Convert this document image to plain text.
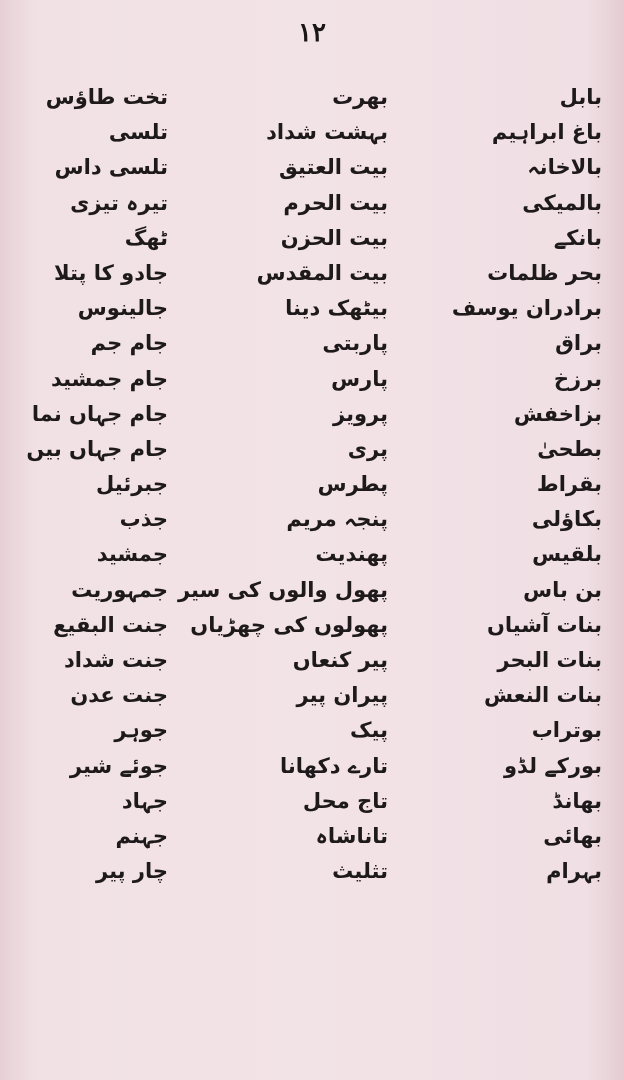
۱۲
بابل
باغ ابراہیم
بالاخانہ
بالمیکی
بانکے
بحر ظلمات
برادران یوسف
براق
برزخ
بزاخفش
بطحیٰ
بقراط
بکاؤلی
بلقیس
بن باس
بنات آشیاں
بنات البحر
بنات النعش
بوتراب
بورکے لڈو
بھانڈ
بھائی
بہرام
بھرت
بہشت شداد
بیت العتیق
بیت الحرم
بیت الحزن
بیت المقدس
بیٹھک دینا
پاربتی
پارس
پرویز
پری
پطرس
پنجہ مریم
پھندیت
پھول والوں کی سیر
پھولوں کی چھڑیاں
پیر کنعاں
پیران پیر
پیک
تارے دکھانا
تاج محل
تاناشاہ
تثلیث
تخت طاؤس
تلسی
تلسی داس
تیرہ تیزی
ٹھگ
جادو کا پتلا
جالینوس
جام جم
جام جمشید
جام جہاں نما
جام جہاں بیں
جبرئیل
جذب
جمشید
جمہوریت
جنت البقیع
جنت شداد
جنت عدن
جوہر
جوئے شیر
جہاد
جہنم
چار پیر
